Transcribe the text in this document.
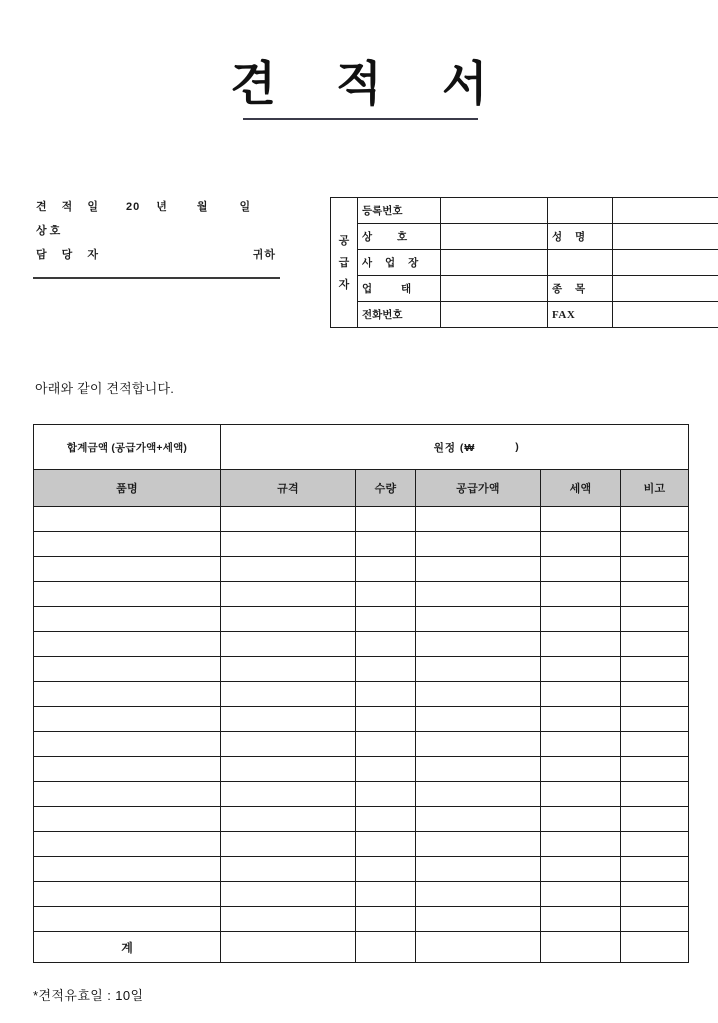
견 적 서
견 적 일 20 년	월	일
상 호
담 당 자	귀하
공
급
자	등록번호			
	상 호		성 명	
	사 업 장			
	업 태		종 목	
	전화번호		FAX	
아래와 같이 견적합니다.
합계금액 (공급가액+세액)	원정 (₩ )				

품명	규격	수량	공급가액	세액	비고

계					
*견적유효일 : 10일
